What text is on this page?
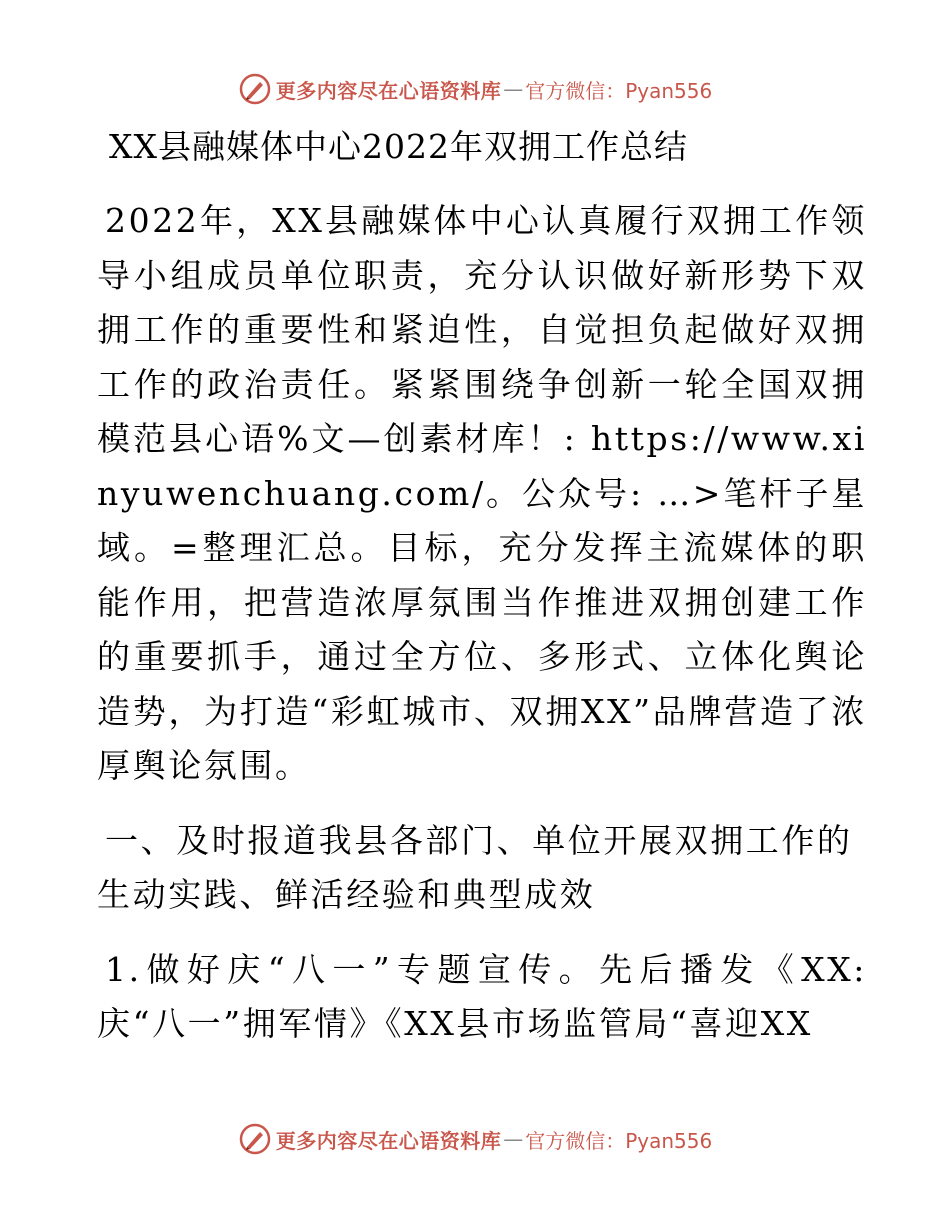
更多内容尽在心语资料库 — 官方微信：Pyan556
XX县融媒体中心2022年双拥工作总结

2022年，XX县融媒体中心认真履行双拥工作领导小组成员单位职责，充分认识做好新形势下双拥工作的重要性和紧迫性，自觉担负起做好双拥工作的政治责任。紧紧围绕争创新一轮全国双拥模范县心语%文—创素材库！: https://www.xinyuwenchuang.com/。公众号: …>笔杆子星域。=整理汇总。目标，充分发挥主流媒体的职能作用，把营造浓厚氛围当作推进双拥创建工作的重要抓手，通过全方位、多形式、立体化舆论造势，为打造“彩虹城市、双拥XX”品牌营造了浓厚舆论氛围。

一、及时报道我县各部门、单位开展双拥工作的生动实践、鲜活经验和典型成效

1.做好庆“八一”专题宣传。先后播发《XX:庆“八一”拥军情》《XX县市场监管局“喜迎XX

更多内容尽在心语资料库 — 官方微信：Pyan556
